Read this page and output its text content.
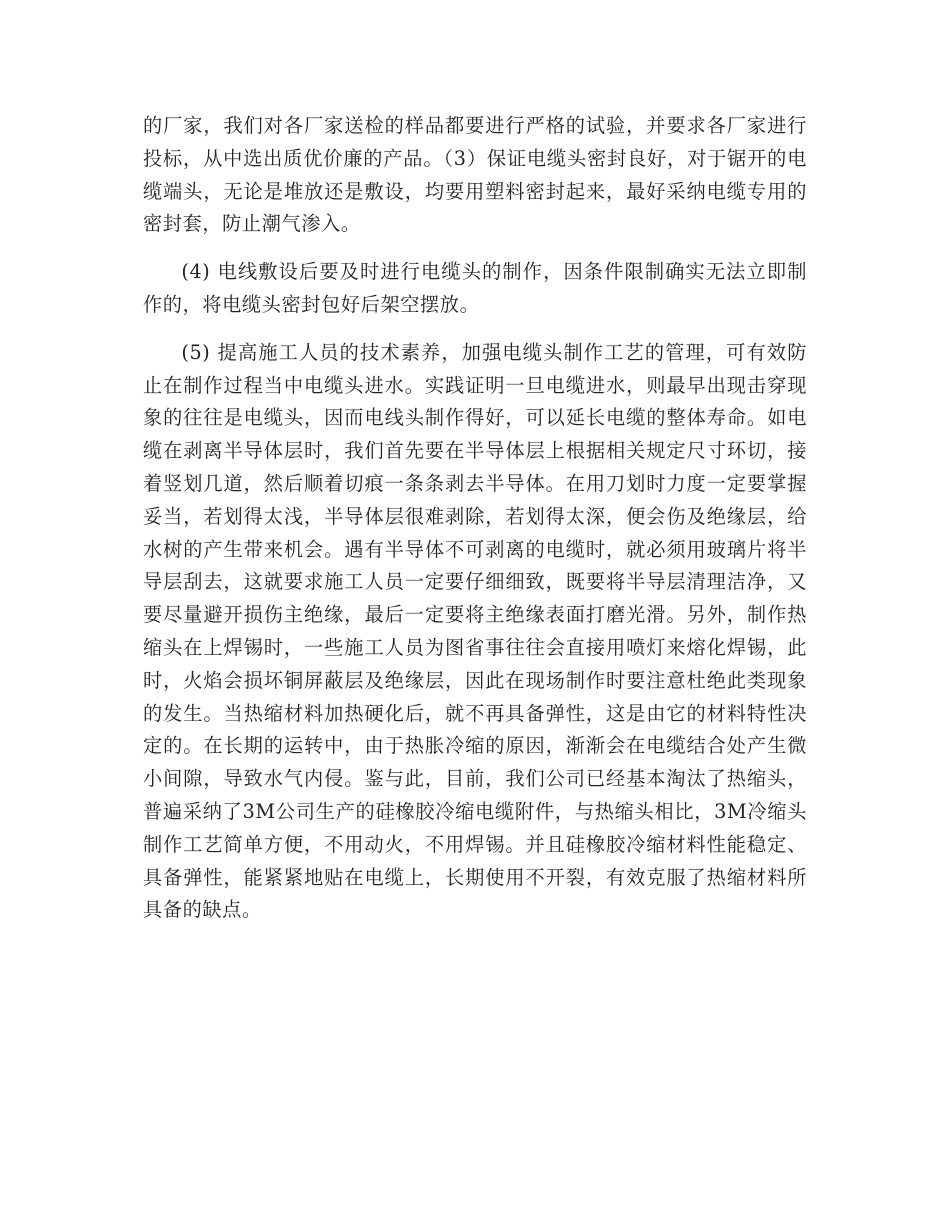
的厂家，我们对各厂家送检的样品都要进行严格的试验，并要求各厂家进行投标，从中选出质优价廉的产品。（3）保证电缆头密封良好，对于锯开的电缆端头，无论是堆放还是敷设，均要用塑料密封起来，最好采纳电缆专用的密封套，防止潮气渗入。

(4) 电线敷设后要及时进行电缆头的制作，因条件限制确实无法立即制作的，将电缆头密封包好后架空摆放。

(5) 提高施工人员的技术素养，加强电缆头制作工艺的管理，可有效防止在制作过程当中电缆头进水。实践证明一旦电缆进水，则最早出现击穿现象的往往是电缆头，因而电线头制作得好，可以延长电缆的整体寿命。如电缆在剥离半导体层时，我们首先要在半导体层上根据相关规定尺寸环切，接着竖划几道，然后顺着切痕一条条剥去半导体。在用刀划时力度一定要掌握妥当，若划得太浅，半导体层很难剥除，若划得太深，便会伤及绝缘层，给水树的产生带来机会。遇有半导体不可剥离的电缆时，就必须用玻璃片将半导层刮去，这就要求施工人员一定要仔细细致，既要将半导层清理洁净，又要尽量避开损伤主绝缘，最后一定要将主绝缘表面打磨光滑。另外，制作热缩头在上焊锡时，一些施工人员为图省事往往会直接用喷灯来熔化焊锡，此时，火焰会损坏铜屏蔽层及绝缘层，因此在现场制作时要注意杜绝此类现象的发生。当热缩材料加热硬化后，就不再具备弹性，这是由它的材料特性决定的。在长期的运转中，由于热胀冷缩的原因，渐渐会在电缆结合处产生微小间隙，导致水气内侵。鉴与此，目前，我们公司已经基本淘汰了热缩头，普遍采纳了3M公司生产的硅橡胶冷缩电缆附件，与热缩头相比，3M冷缩头制作工艺简单方便，不用动火，不用焊锡。并且硅橡胶冷缩材料性能稳定、具备弹性，能紧紧地贴在电缆上，长期使用不开裂，有效克服了热缩材料所具备的缺点。
